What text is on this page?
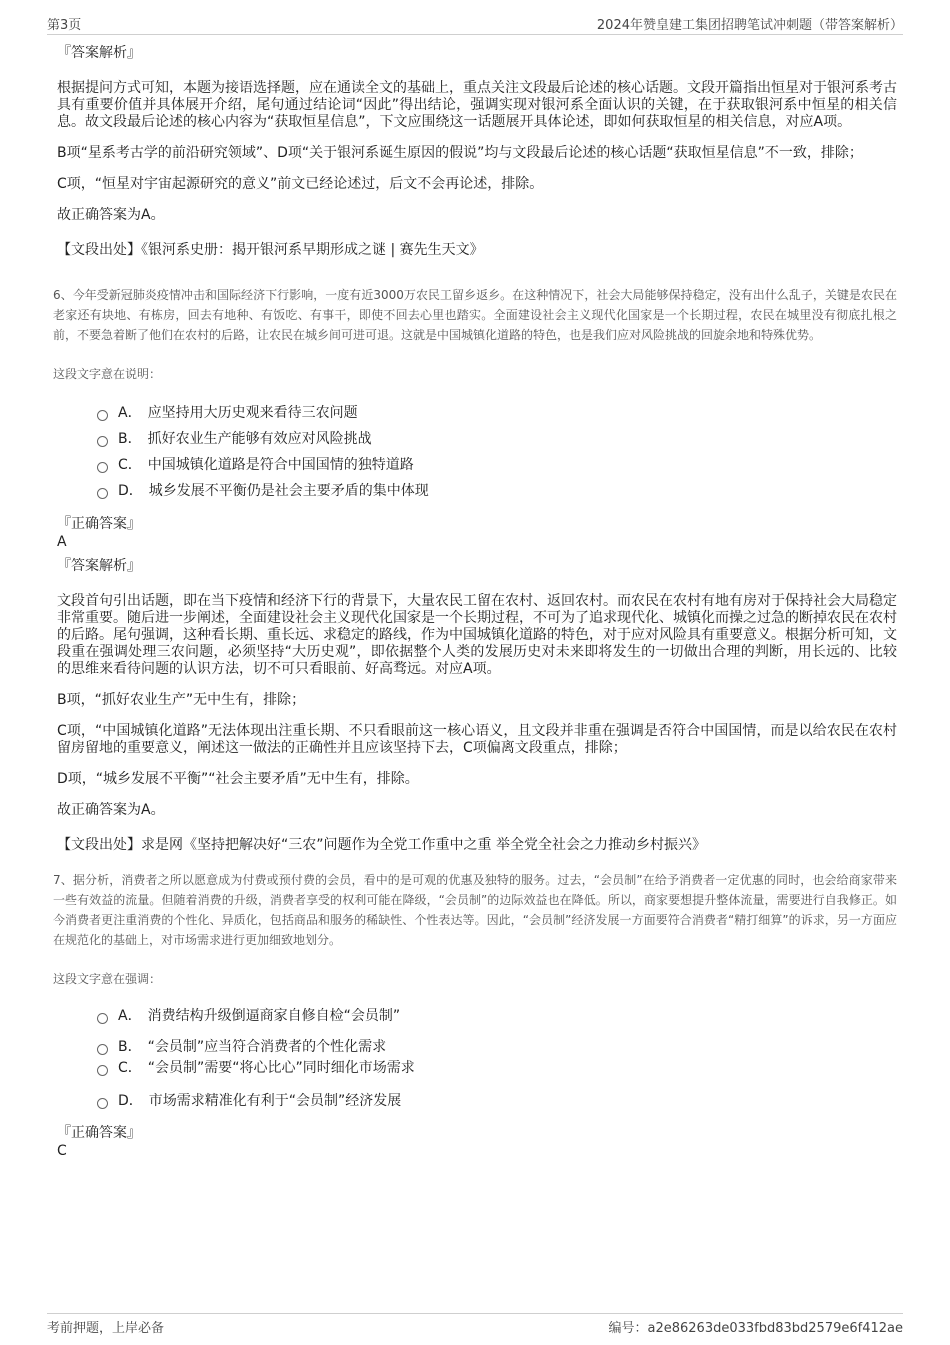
第3页	2024年赞皇建工集团招聘笔试冲刺题（带答案解析）

『答案解析』

根据提问方式可知，本题为接语选择题，应在通读全文的基础上，重点关注文段最后论述的核心话题。文段开篇指出恒星对于银河系考古具有重要价值并具体展开介绍，尾句通过结论词“因此”得出结论，强调实现对银河系全面认识的关键，在于获取银河系中恒星的相关信息。故文段最后论述的核心内容为“获取恒星信息”，下文应围绕这一话题展开具体论述，即如何获取恒星的相关信息，对应A项。

B项“星系考古学的前沿研究领域”、D项“关于银河系诞生原因的假说”均与文段最后论述的核心话题“获取恒星信息”不一致，排除；

C项，“恒星对宇宙起源研究的意义”前文已经论述过，后文不会再论述，排除。

故正确答案为A。

【文段出处】《银河系史册：揭开银河系早期形成之谜 | 赛先生天文》

6、今年受新冠肺炎疫情冲击和国际经济下行影响，一度有近3000万农民工留乡返乡。在这种情况下，社会大局能够保持稳定，没有出什么乱子，关键是农民在老家还有块地、有栋房，回去有地种、有饭吃、有事干，即使不回去心里也踏实。全面建设社会主义现代化国家是一个长期过程，农民在城里没有彻底扎根之前，不要急着断了他们在农村的后路，让农民在城乡间可进可退。这就是中国城镇化道路的特色，也是我们应对风险挑战的回旋余地和特殊优势。

这段文字意在说明：

A． 应坚持用大历史观来看待三农问题
B． 抓好农业生产能够有效应对风险挑战
C． 中国城镇化道路是符合中国国情的独特道路
D． 城乡发展不平衡仍是社会主要矛盾的集中体现

『正确答案』

A

『答案解析』

文段首句引出话题，即在当下疫情和经济下行的背景下，大量农民工留在农村、返回农村。而农民在农村有地有房对于保持社会大局稳定非常重要。随后进一步阐述，全面建设社会主义现代化国家是一个长期过程，不可为了追求现代化、城镇化而操之过急的断掉农民在农村的后路。尾句强调，这种看长期、重长远、求稳定的路线，作为中国城镇化道路的特色，对于应对风险具有重要意义。根据分析可知，文段重在强调处理三农问题，必须坚持“大历史观”，即依据整个人类的发展历史对未来即将发生的一切做出合理的判断，用长远的、比较的思维来看待问题的认识方法，切不可只看眼前、好高骛远。对应A项。

B项，“抓好农业生产”无中生有，排除；

C项，“中国城镇化道路”无法体现出注重长期、不只看眼前这一核心语义，且文段并非重在强调是否符合中国国情，而是以给农民在农村留房留地的重要意义，阐述这一做法的正确性并且应该坚持下去，C项偏离文段重点，排除；

D项，“城乡发展不平衡”“社会主要矛盾”无中生有，排除。

故正确答案为A。

【文段出处】求是网《坚持把解决好“三农”问题作为全党工作重中之重 举全党全社会之力推动乡村振兴》

7、据分析，消费者之所以愿意成为付费或预付费的会员，看中的是可观的优惠及独特的服务。过去，“会员制”在给予消费者一定优惠的同时，也会给商家带来一些有效益的流量。但随着消费的升级，消费者享受的权利可能在降级，“会员制”的边际效益也在降低。所以，商家要想提升整体流量，需要进行自我修正。如今消费者更注重消费的个性化、异质化，包括商品和服务的稀缺性、个性表达等。因此，“会员制”经济发展一方面要符合消费者“精打细算”的诉求，另一方面应在规范化的基础上，对市场需求进行更加细致地划分。

这段文字意在强调：

A． 消费结构升级倒逼商家自修自检“会员制”
B． “会员制”应当符合消费者的个性化需求
C． “会员制”需要“将心比心”同时细化市场需求
D． 市场需求精准化有利于“会员制”经济发展

『正确答案』

C

考前押题，上岸必备	编号：a2e86263de033fbd83bd2579e6f412ae
